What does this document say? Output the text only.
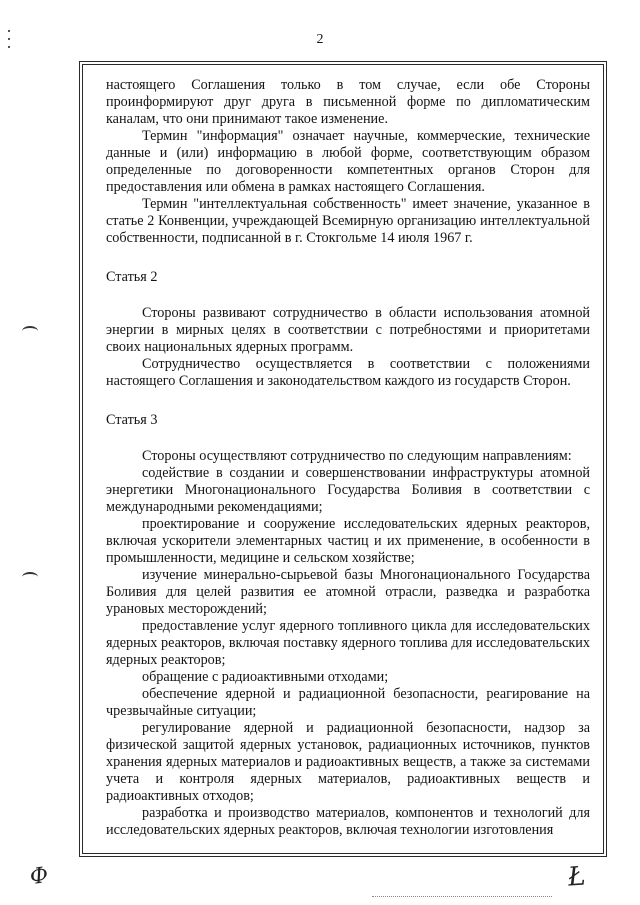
2

настоящего Соглашения только в том случае, если обе Стороны проинформируют друг друга в письменной форме по дипломатическим каналам, что они принимают такое изменение.

Термин "информация" означает научные, коммерческие, технические данные и (или) информацию в любой форме, соответствующим образом определенные по договоренности компетентных органов Сторон для предоставления или обмена в рамках настоящего Соглашения.

Термин "интеллектуальная собственность" имеет значение, указанное в статье 2 Конвенции, учреждающей Всемирную организацию интеллектуальной собственности, подписанной в г. Стокгольме 14 июля 1967 г.

Статья 2

Стороны развивают сотрудничество в области использования атомной энергии в мирных целях в соответствии с потребностями и приоритетами своих национальных ядерных программ.

Сотрудничество осуществляется в соответствии с положениями настоящего Соглашения и законодательством каждого из государств Сторон.

Статья 3

Стороны осуществляют сотрудничество по следующим направлениям:

содействие в создании и совершенствовании инфраструктуры атомной энергетики Многонационального Государства Боливия в соответствии с международными рекомендациями;

проектирование и сооружение исследовательских ядерных реакторов, включая ускорители элементарных частиц и их применение, в особенности в промышленности, медицине и сельском хозяйстве;

изучение минерально-сырьевой базы Многонационального Государства Боливия для целей развития ее атомной отрасли, разведка и разработка урановых месторождений;

предоставление услуг ядерного топливного цикла для исследовательских ядерных реакторов, включая поставку ядерного топлива для исследовательских ядерных реакторов;

обращение с радиоактивными отходами;

обеспечение ядерной и радиационной безопасности, реагирование на чрезвычайные ситуации;

регулирование ядерной и радиационной безопасности, надзор за физической защитой ядерных установок, радиационных источников, пунктов хранения ядерных материалов и радиоактивных веществ, а также за системами учета и контроля ядерных материалов, радиоактивных веществ и радиоактивных отходов;

разработка и производство материалов, компонентов и технологий для исследовательских ядерных реакторов, включая технологии изготовления

Ф	Ł
